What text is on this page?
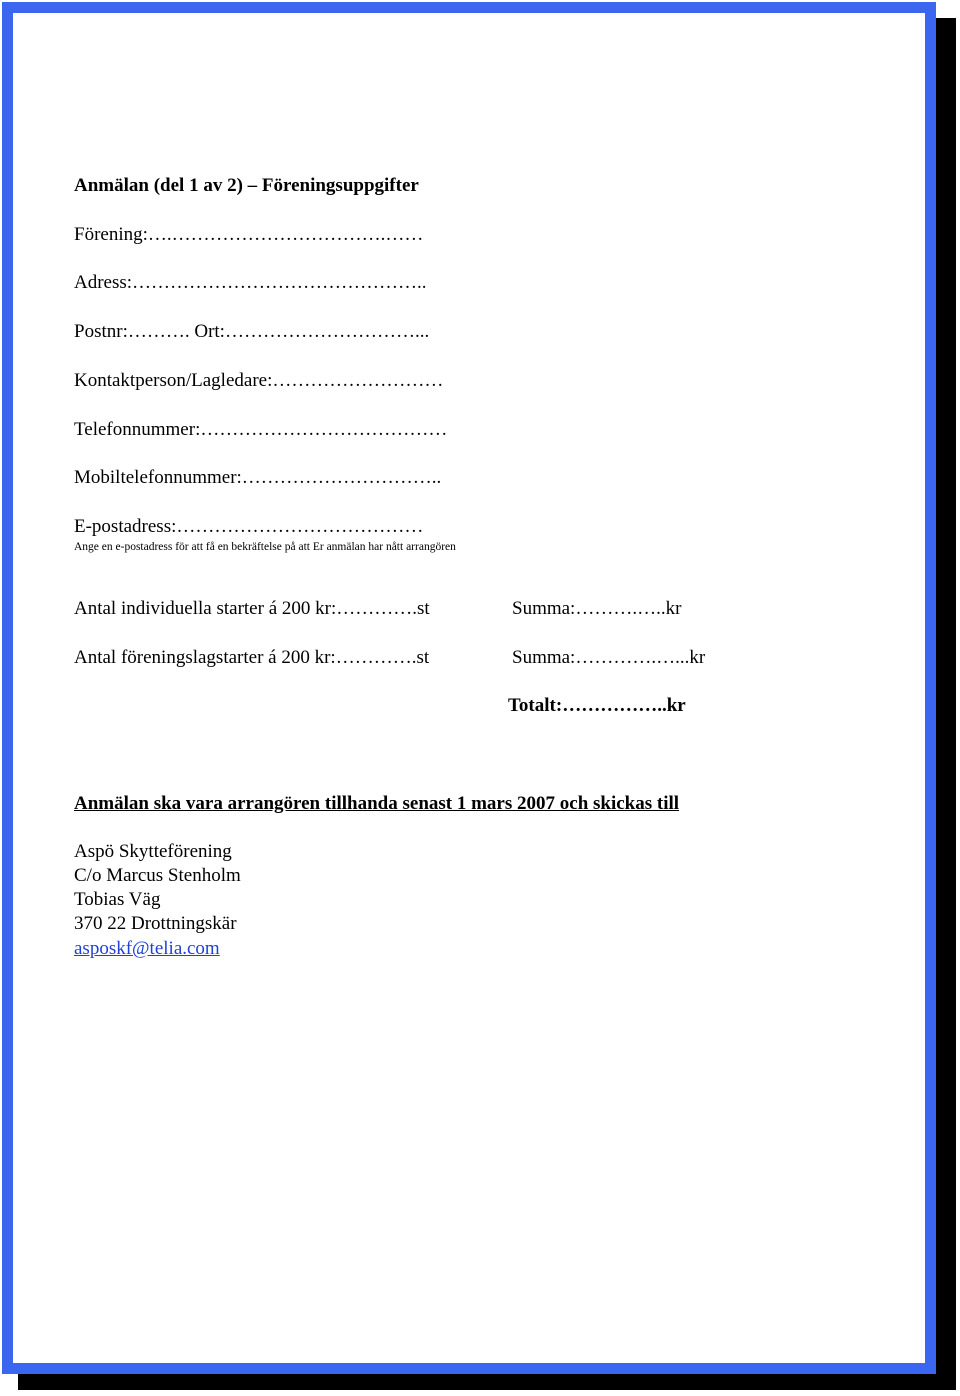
Anmälan (del 1 av 2) – Föreningsuppgifter
Förening:….…………………………….……
Adress:………………………………………..
Postnr:………. Ort:…………………………...
Kontaktperson/Lagledare:………………………
Telefonnummer:…………………………………
Mobiltelefonnummer:…………………………..
E-postadress:…………………………………
Ange en e-postadress för att få en bekräftelse på att Er anmälan har nått arrangören
Antal individuella starter á 200 kr:………….st	Summa:……….…..kr
Antal föreningslagstarter á 200 kr:………….st	Summa:………….…...kr
Totalt:……………..kr
Anmälan ska vara arrangören tillhanda senast 1 mars 2007 och skickas till
Aspö Skytteförening
C/o Marcus Stenholm
Tobias Väg
370 22 Drottningskär
asposkf@telia.com
